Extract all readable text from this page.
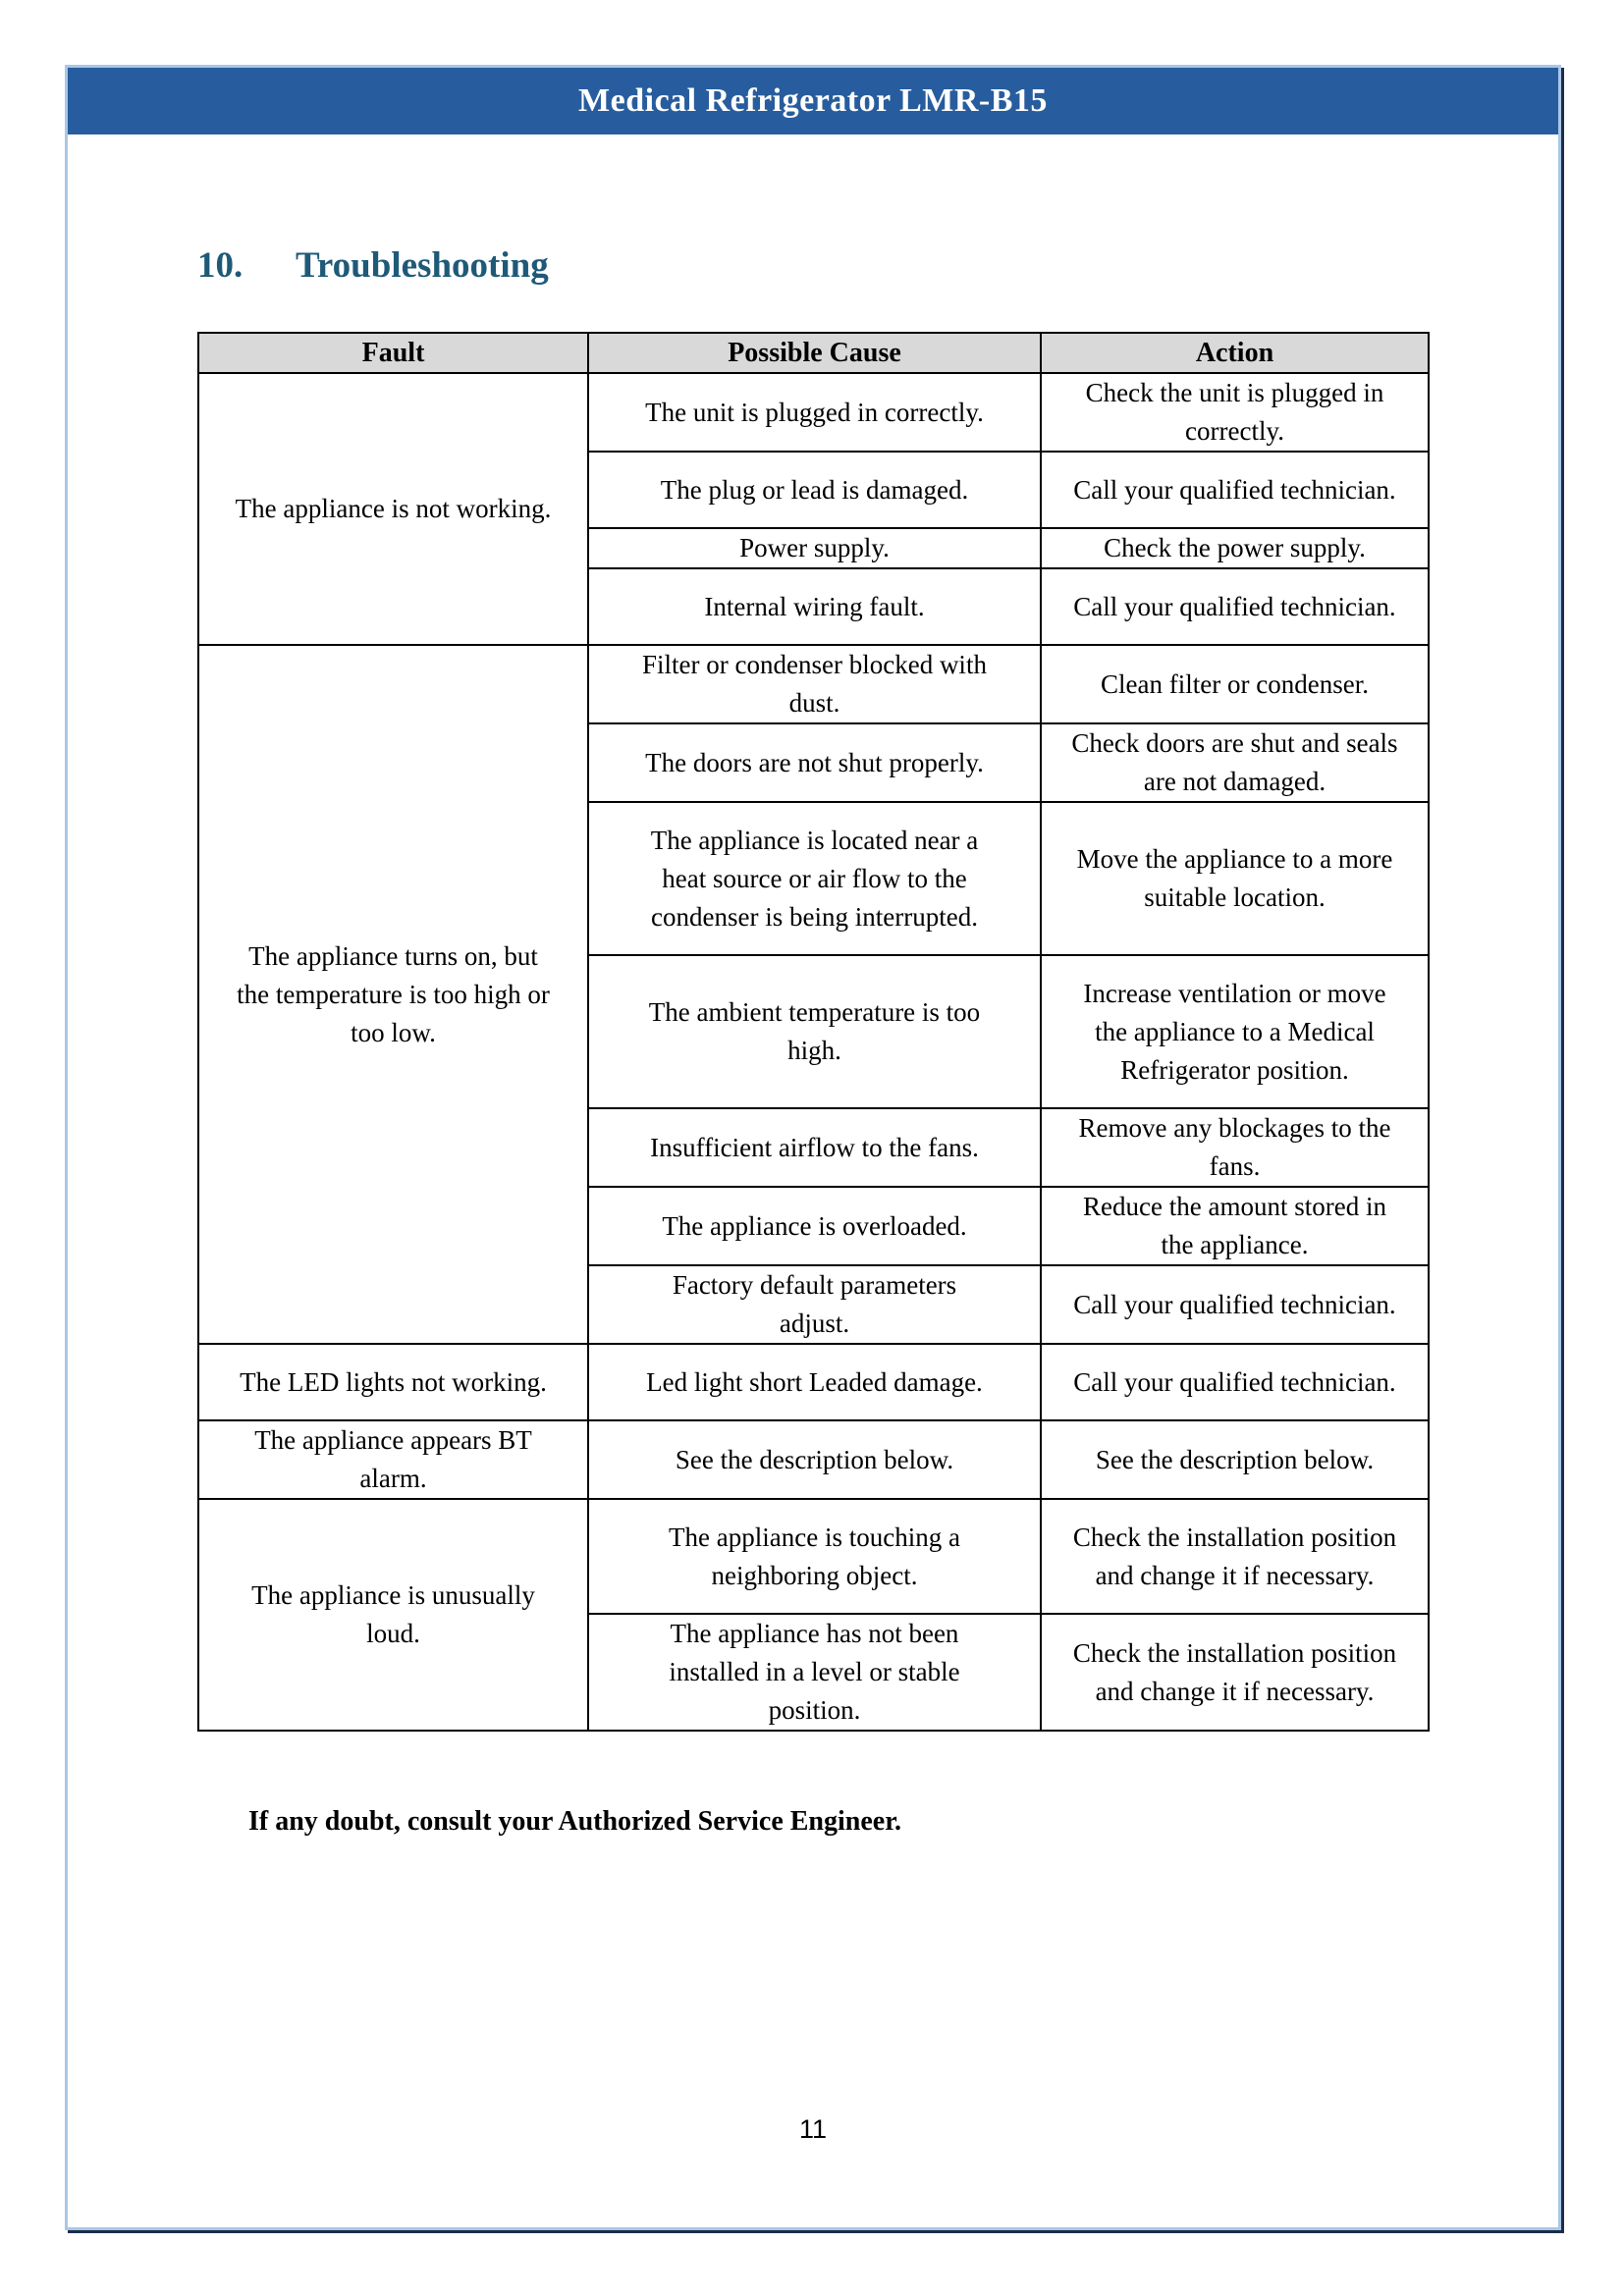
Medical Refrigerator LMR-B15
10. Troubleshooting
Fault	Possible Cause	Action
The appliance is not working.	The unit is plugged in correctly.	Check the unit is plugged in correctly.
	The plug or lead is damaged.	Call your qualified technician.
	Power supply.	Check the power supply.
	Internal wiring fault.	Call your qualified technician.
The appliance turns on, but the temperature is too high or too low.	Filter or condenser blocked with dust.	Clean filter or condenser.
	The doors are not shut properly.	Check doors are shut and seals are not damaged.
	The appliance is located near a heat source or air flow to the condenser is being interrupted.	Move the appliance to a more suitable location.
	The ambient temperature is too high.	Increase ventilation or move the appliance to a Medical Refrigerator position.
	Insufficient airflow to the fans.	Remove any blockages to the fans.
	The appliance is overloaded.	Reduce the amount stored in the appliance.
	Factory default parameters adjust.	Call your qualified technician.
The LED lights not working.	Led light short Leaded damage.	Call your qualified technician.
The appliance appears BT alarm.	See the description below.	See the description below.
The appliance is unusually loud.	The appliance is touching a neighboring object.	Check the installation position and change it if necessary.
	The appliance has not been installed in a level or stable position.	Check the installation position and change it if necessary.
If any doubt, consult your Authorized Service Engineer.
11
